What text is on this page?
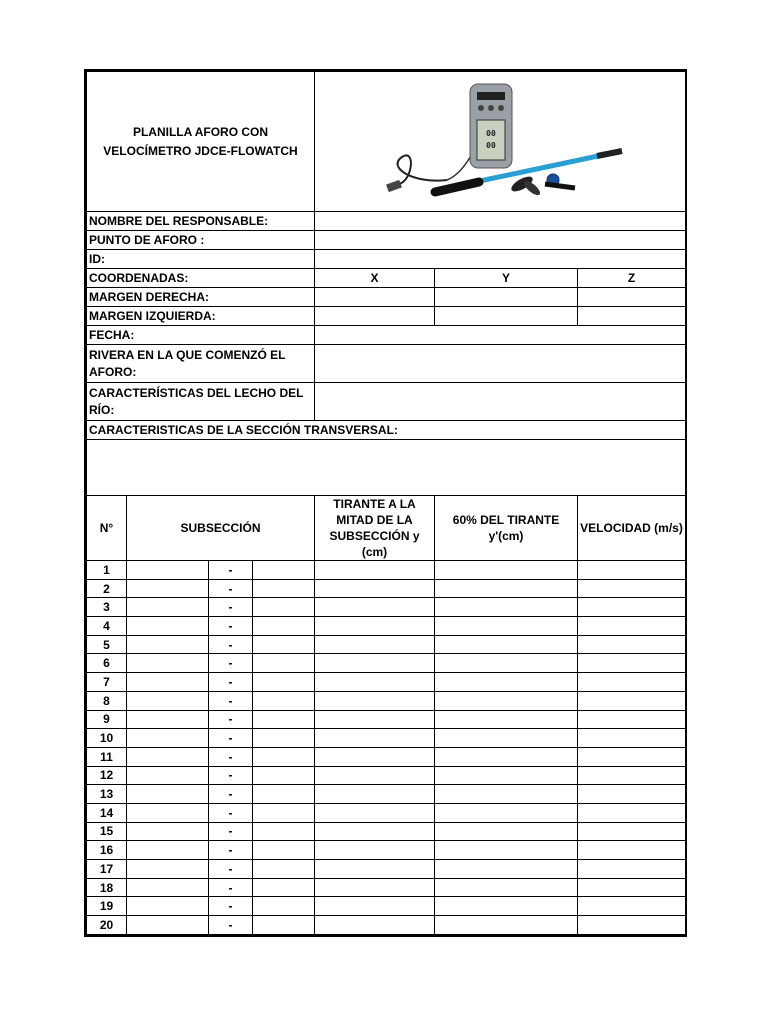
PLANILLA AFORO CON VELOCÍMETRO JDCE-FLOWATCH				00
00		

NOMBRE DEL RESPONSABLE:						
PUNTO DE AFORO :						
ID:						
COORDENADAS:				X	Y	Z
MARGEN DERECHA:						
MARGEN IZQUIERDA:						
FECHA:						
RIVERA EN LA QUE COMENZÓ EL AFORO:						
CARACTERÍSTICAS DEL LECHO DEL RÍO:						
CARACTERISTICAS DE LA SECCIÓN TRANSVERSAL:						

N°	SUBSECCIÓN			TIRANTE A LA MITAD DE LA SUBSECCIÓN y (cm)	60% DEL TIRANTE y'(cm)	VELOCIDAD (m/s)
1		-				
2		-				
3		-				
4		-				
5		-				
6		-				
7		-				
8		-				
9		-				
10		-				
11		-				
12		-				
13		-				
14		-				
15		-				
16		-				
17		-				
18		-				
19		-				
20		-				
